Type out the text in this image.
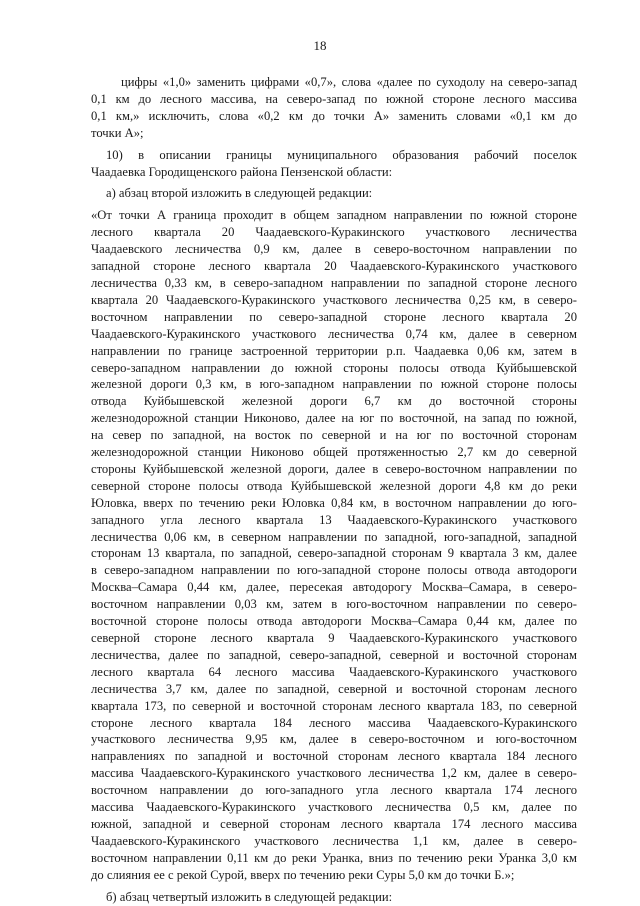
18
цифры «1,0» заменить цифрами «0,7», слова «далее по суходолу на северо-запад
0,1 км до лесного массива, на северо-запад по южной стороне лесного массива
0,1 км,» исключить, слова «0,2 км до точки А» заменить словами «0,1 км до
точки А»;
10) в описании границы муниципального образования рабочий поселок
Чаадаевка Городищенского района Пензенской области:
а) абзац второй изложить в следующей редакции:
«От точки А граница проходит в общем западном направлении по южной стороне
лесного квартала 20 Чаадаевского-Куракинского участкового лесничества
Чаадаевского лесничества 0,9 км, далее в северо-восточном направлении по
западной стороне лесного квартала 20 Чаадаевского-Куракинского участкового
лесничества 0,33 км, в северо-западном направлении по западной стороне лесного
квартала 20 Чаадаевского-Куракинского участкового лесничества 0,25 км, в северо-
восточном направлении по северо-западной стороне лесного квартала 20
Чаадаевского-Куракинского участкового лесничества 0,74 км, далее в северном
направлении по границе застроенной территории р.п. Чаадаевка 0,06 км, затем в
северо-западном направлении до южной стороны полосы отвода Куйбышевской
железной дороги 0,3 км, в юго-западном направлении по южной стороне полосы
отвода Куйбышевской железной дороги 6,7 км до восточной стороны
железнодорожной станции Никоново, далее на юг по восточной, на запад по южной,
на север по западной, на восток по северной и на юг по восточной сторонам
железнодорожной станции Никоново общей протяженностью 2,7 км до северной
стороны Куйбышевской железной дороги, далее в северо-восточном направлении по
северной стороне полосы отвода Куйбышевской железной дороги 4,8 км до реки
Юловка, вверх по течению реки Юловка 0,84 км, в восточном направлении до юго-
западного угла лесного квартала 13 Чаадаевского-Куракинского участкового
лесничества 0,06 км, в северном направлении по западной, юго-западной, западной
сторонам 13 квартала, по западной, северо-западной сторонам 9 квартала 3 км, далее
в северо-западном направлении по юго-западной стороне полосы отвода автодороги
Москва–Самара 0,44 км, далее, пересекая автодорогу Москва–Самара, в северо-
восточном направлении 0,03 км, затем в юго-восточном направлении по северо-
восточной стороне полосы отвода автодороги Москва–Самара 0,44 км, далее по
северной стороне лесного квартала 9 Чаадаевского-Куракинского участкового
лесничества, далее по западной, северо-западной, северной и восточной сторонам
лесного квартала 64 лесного массива Чаадаевского-Куракинского участкового
лесничества 3,7 км, далее по западной, северной и восточной сторонам лесного
квартала 173, по северной и восточной сторонам лесного квартала 183, по северной
стороне лесного квартала 184 лесного массива Чаадаевского-Куракинского
участкового лесничества 9,95 км, далее в северо-восточном и юго-восточном
направлениях по западной и восточной сторонам лесного квартала 184 лесного
массива Чаадаевского-Куракинского участкового лесничества 1,2 км, далее в северо-
восточном направлении до юго-западного угла лесного квартала 174 лесного
массива Чаадаевского-Куракинского участкового лесничества 0,5 км, далее по
южной, западной и северной сторонам лесного квартала 174 лесного массива
Чаадаевского-Куракинского участкового лесничества 1,1 км, далее в северо-
восточном направлении 0,11 км до реки Уранка, вниз по течению реки Уранка 3,0 км
до слияния ее с рекой Сурой, вверх по течению реки Суры 5,0 км до точки Б.»;
б) абзац четвертый изложить в следующей редакции:
